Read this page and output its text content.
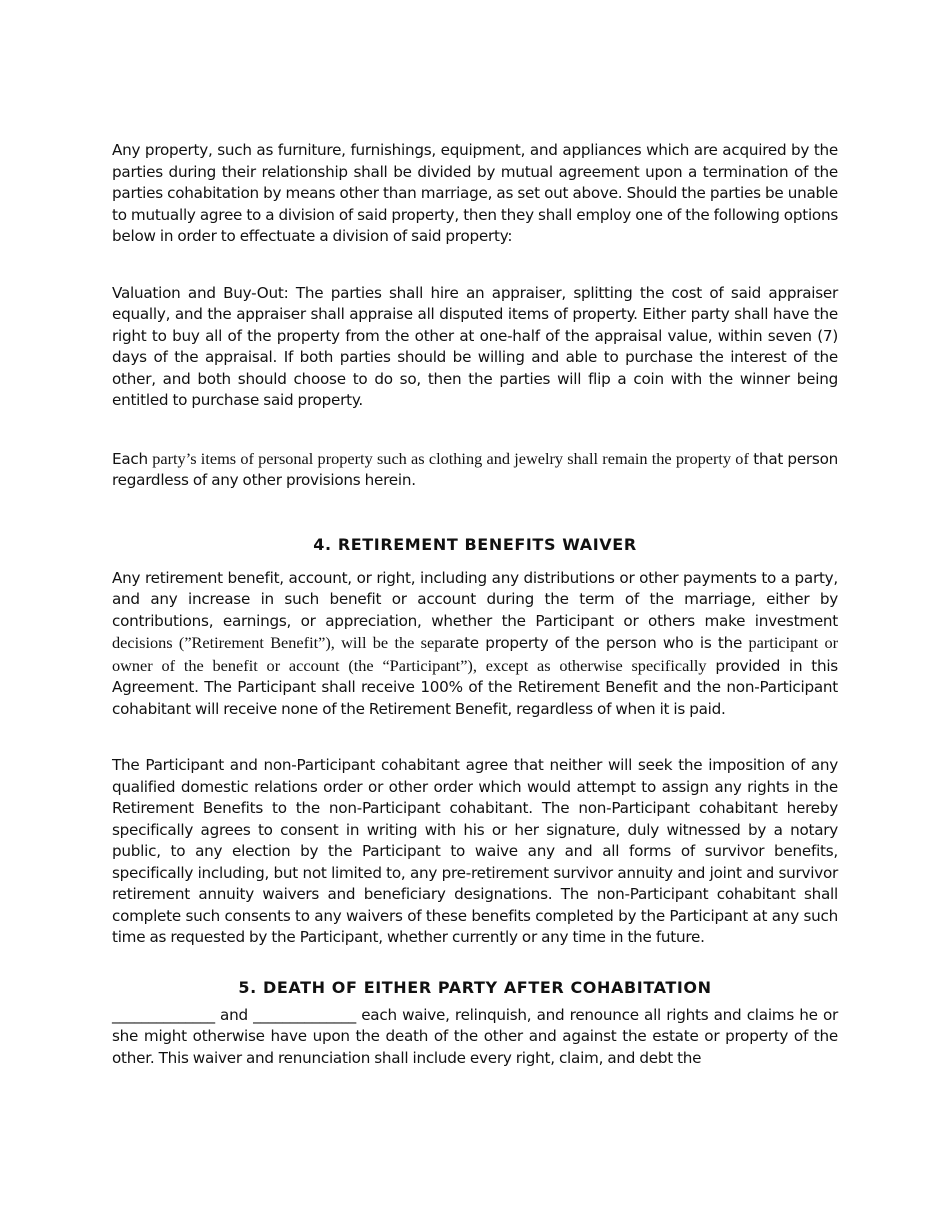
Any property, such as furniture, furnishings, equipment, and appliances which are acquired by the parties during their relationship shall be divided by mutual agreement upon a termination of the parties cohabitation by means other than marriage, as set out above. Should the parties be unable to mutually agree to a division of said property, then they shall employ one of the following options below in order to effectuate a division of said property:

Valuation and Buy-Out: The parties shall hire an appraiser, splitting the cost of said appraiser equally, and the appraiser shall appraise all disputed items of property. Either party shall have the right to buy all of the property from the other at one-half of the appraisal value, within seven (7) days of the appraisal. If both parties should be willing and able to purchase the interest of the other, and both should choose to do so, then the parties will flip a coin with the winner being entitled to purchase said property.

Each party’s items of personal property such as clothing and jewelry shall remain the property of that person regardless of any other provisions herein.

4. RETIREMENT BENEFITS WAIVER

Any retirement benefit, account, or right, including any distributions or other payments to a party, and any increase in such benefit or account during the term of the marriage, either by contributions, earnings, or appreciation, whether the Participant or others make investment decisions (”Retirement Benefit”), will be the separate property of the person who is the participant or owner of the benefit or account (the “Participant”), except as otherwise specifically provided in this Agreement. The Participant shall receive 100% of the Retirement Benefit and the non-Participant cohabitant will receive none of the Retirement Benefit, regardless of when it is paid.

The Participant and non-Participant cohabitant agree that neither will seek the imposition of any qualified domestic relations order or other order which would attempt to assign any rights in the Retirement Benefits to the non-Participant cohabitant. The non-Participant cohabitant hereby specifically agrees to consent in writing with his or her signature, duly witnessed by a notary public, to any election by the Participant to waive any and all forms of survivor benefits, specifically including, but not limited to, any pre-retirement survivor annuity and joint and survivor retirement annuity waivers and beneficiary designations. The non-Participant cohabitant shall complete such consents to any waivers of these benefits completed by the Participant at any such time as requested by the Participant, whether currently or any time in the future.

5. DEATH OF EITHER PARTY AFTER COHABITATION

______________ and ______________ each waive, relinquish, and renounce all rights and claims he or she might otherwise have upon the death of the other and against the estate or property of the other. This waiver and renunciation shall include every right, claim, and debt the
